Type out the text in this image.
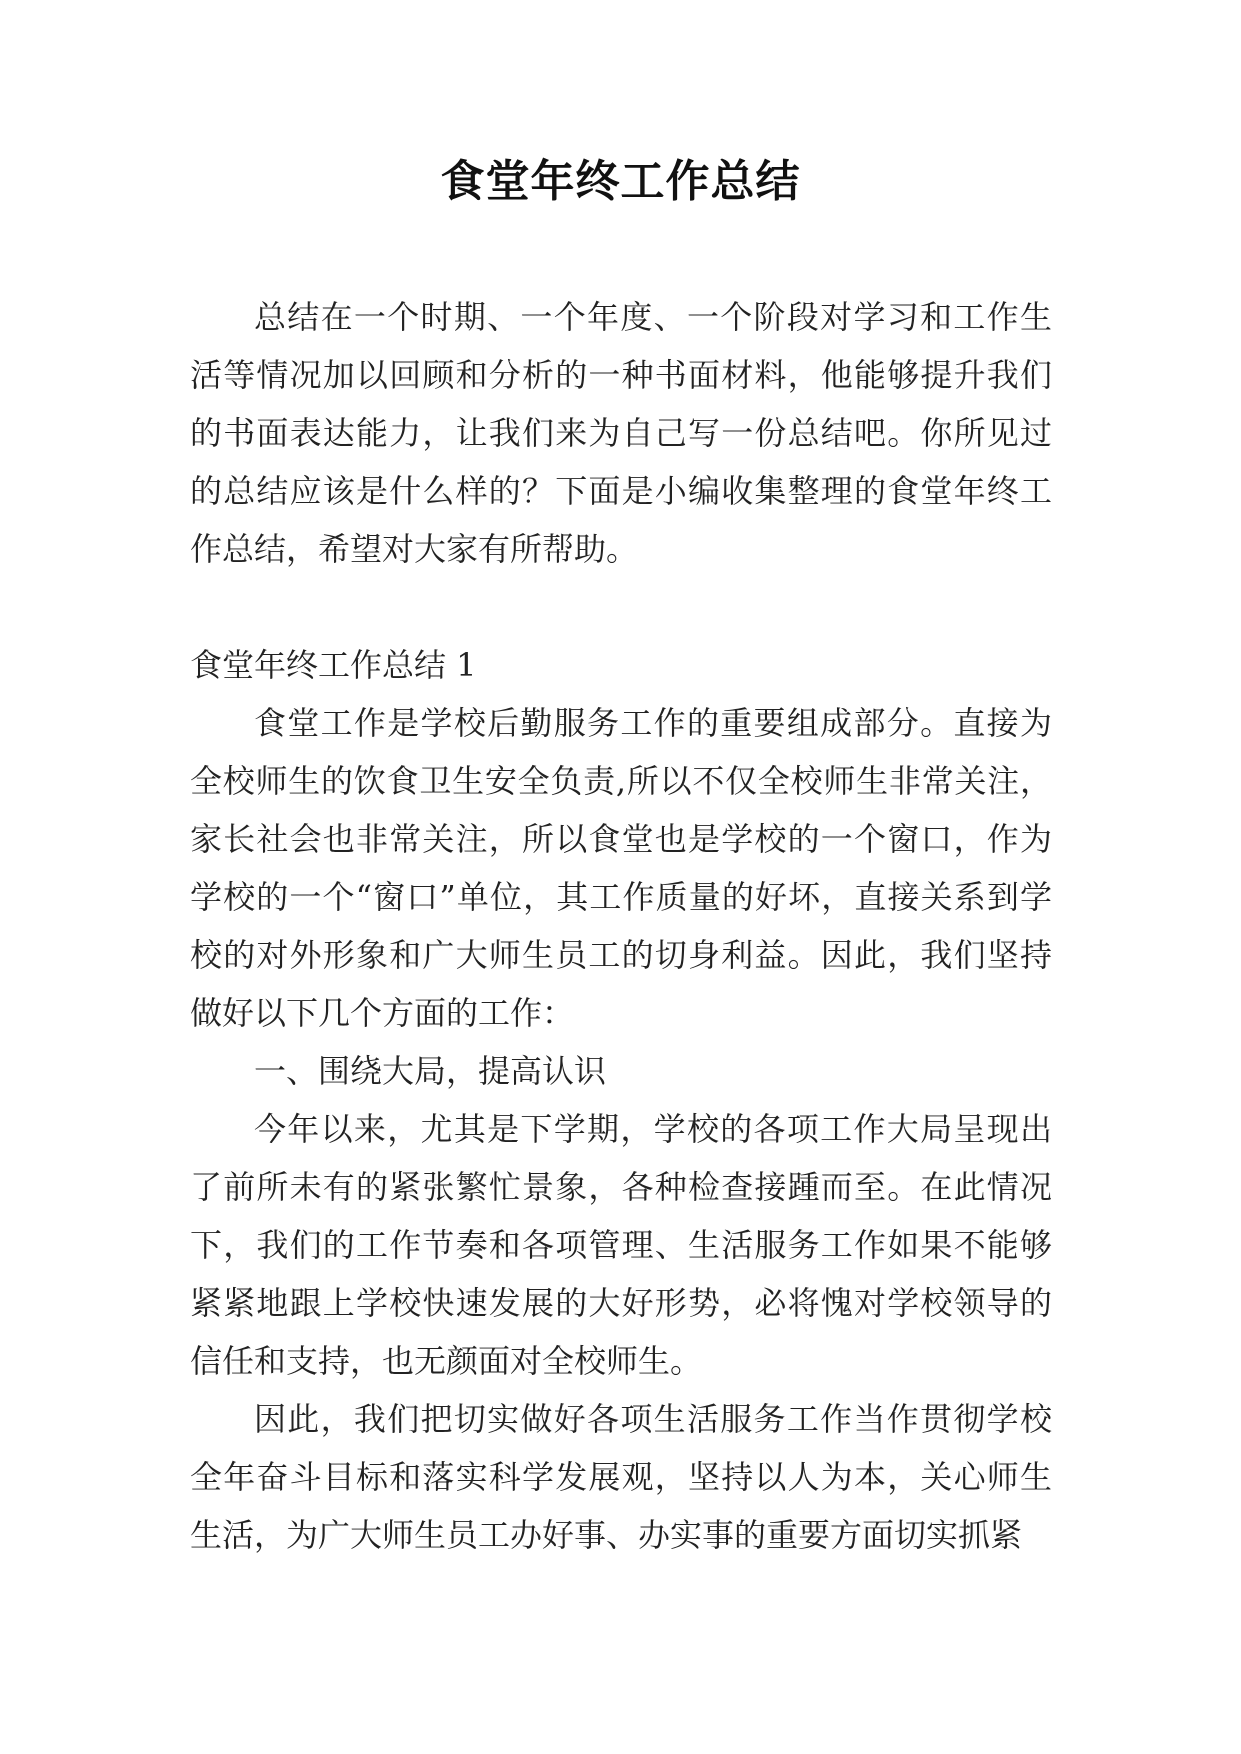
食堂年终工作总结

总结在一个时期、一个年度、一个阶段对学习和工作生活等情况加以回顾和分析的一种书面材料，他能够提升我们的书面表达能力，让我们来为自己写一份总结吧。你所见过的总结应该是什么样的？下面是小编收集整理的食堂年终工作总结，希望对大家有所帮助。

食堂年终工作总结 1

食堂工作是学校后勤服务工作的重要组成部分。直接为全校师生的饮食卫生安全负责,所以不仅全校师生非常关注，家长社会也非常关注，所以食堂也是学校的一个窗口，作为学校的一个“窗口”单位，其工作质量的好坏，直接关系到学校的对外形象和广大师生员工的切身利益。因此，我们坚持做好以下几个方面的工作：

一、围绕大局，提高认识

今年以来，尤其是下学期，学校的各项工作大局呈现出了前所未有的紧张繁忙景象，各种检查接踵而至。在此情况下，我们的工作节奏和各项管理、生活服务工作如果不能够紧紧地跟上学校快速发展的大好形势，必将愧对学校领导的信任和支持，也无颜面对全校师生。

因此，我们把切实做好各项生活服务工作当作贯彻学校全年奋斗目标和落实科学发展观，坚持以人为本，关心师生生活，为广大师生员工办好事、办实事的重要方面切实抓紧
